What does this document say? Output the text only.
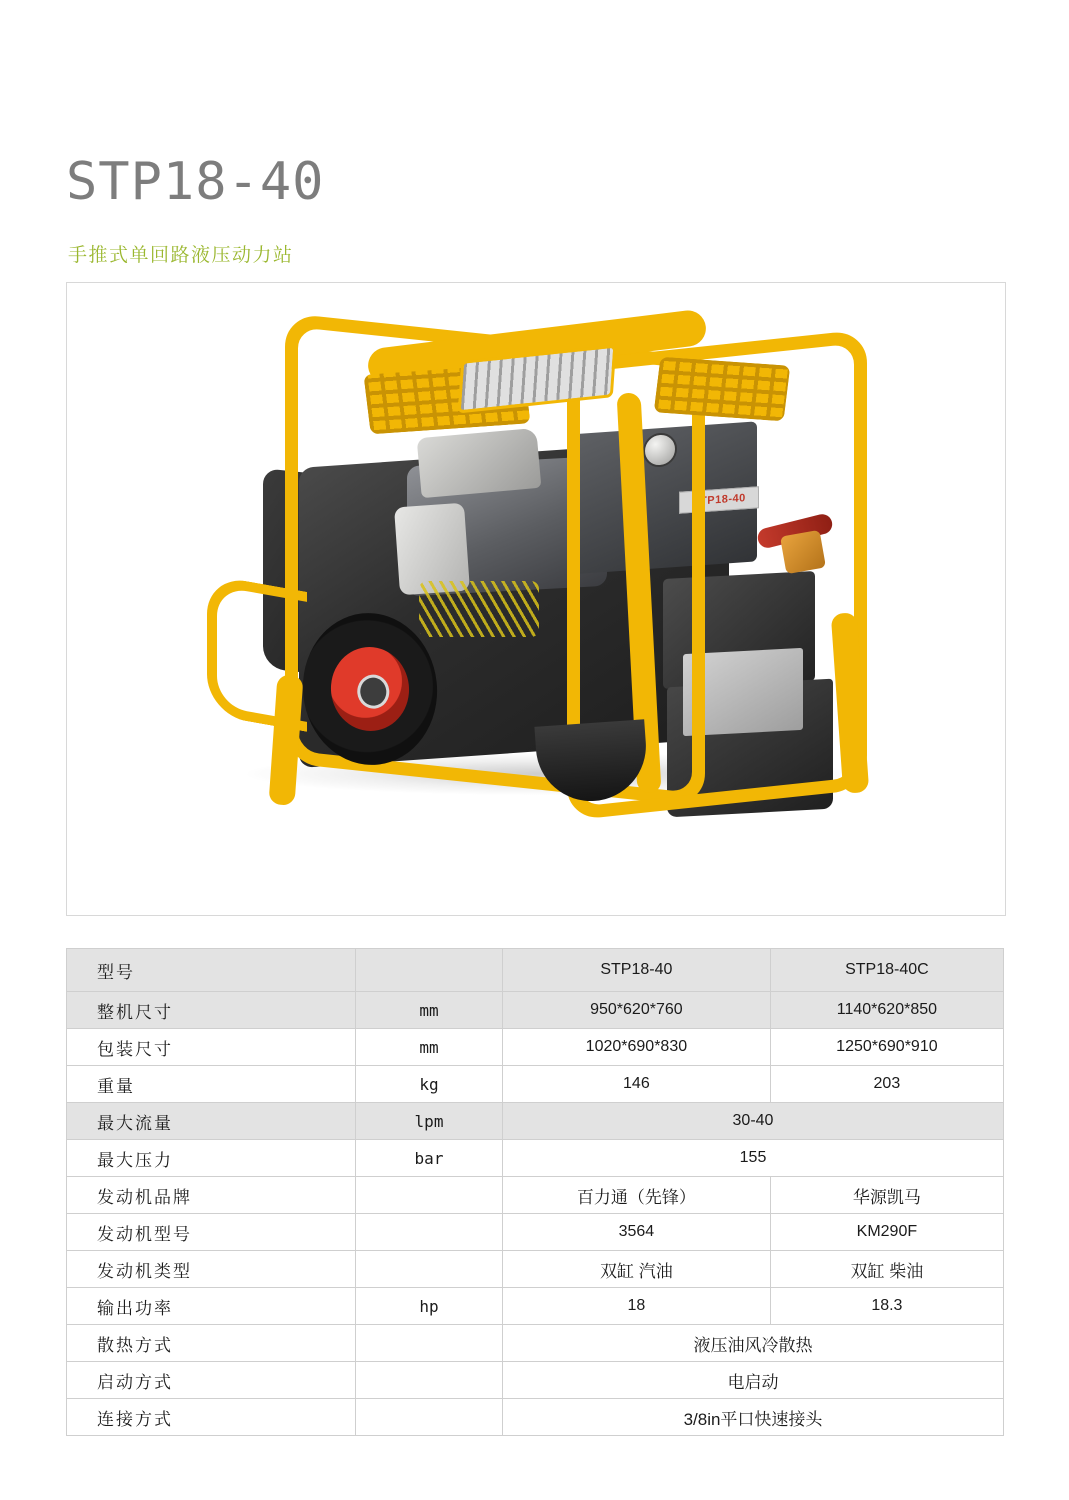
STP18-40
手推式单回路液压动力站
STP18-40
型号		STP18-40	STP18-40C
整机尺寸	mm	950*620*760	1140*620*850
包装尺寸	mm	1020*690*830	1250*690*910
重量	kg	146	203
最大流量	lpm	30-40	
最大压力	bar	155	
发动机品牌		百力通（先锋）	华源凯马
发动机型号		3564	KM290F
发动机类型		双缸 汽油	双缸 柴油
输出功率	hp	18	18.3
散热方式		液压油风冷散热	
启动方式		电启动	
连接方式		3/8in平口快速接头	
